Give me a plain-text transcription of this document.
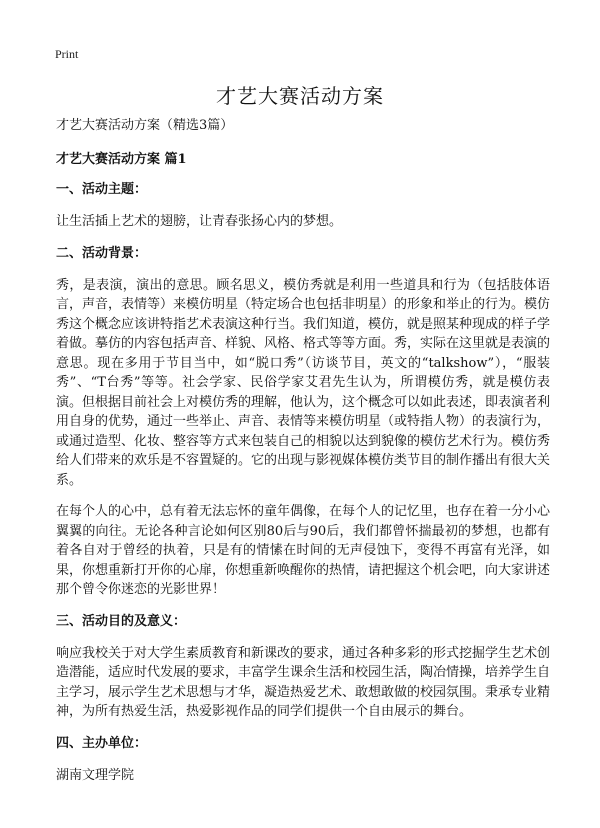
Print
才艺大赛活动方案

才艺大赛活动方案（精选3篇）

才艺大赛活动方案 篇1

一、活动主题：

让生活插上艺术的翅膀，让青春张扬心内的梦想。

二、活动背景：

秀，是表演，演出的意思。顾名思义，模仿秀就是利用一些道具和行为（包括肢体语言，声音，表情等）来模仿明星（特定场合也包括非明星）的形象和举止的行为。模仿秀这个概念应该讲特指艺术表演这种行当。我们知道，模仿，就是照某种现成的样子学着做。摹仿的内容包括声音、样貌、风格、格式等等方面。秀，实际在这里就是表演的意思。现在多用于节目当中，如“脱口秀”（访谈节目，英文的“talkshow”），“服装秀”、“T台秀”等等。社会学家、民俗学家艾君先生认为，所谓模仿秀，就是模仿表演。但根据目前社会上对模仿秀的理解，他认为，这个概念可以如此表述，即表演者利用自身的优势，通过一些举止、声音、表情等来模仿明星（或特指人物）的表演行为，或通过造型、化妆、整容等方式来包装自己的相貌以达到貌像的模仿艺术行为。模仿秀给人们带来的欢乐是不容置疑的。它的出现与影视媒体模仿类节目的制作播出有很大关系。

在每个人的心中，总有着无法忘怀的童年偶像，在每个人的记忆里，也存在着一分小心翼翼的向往。无论各种言论如何区别80后与90后，我们都曾怀揣最初的梦想，也都有着各自对于曾经的执着，只是有的情愫在时间的无声侵蚀下，变得不再富有光泽，如果，你想重新打开你的心扉，你想重新唤醒你的热情，请把握这个机会吧，向大家讲述那个曾令你迷恋的光影世界！

三、活动目的及意义：

响应我校关于对大学生素质教育和新课改的要求，通过各种多彩的形式挖掘学生艺术创造潜能，适应时代发展的要求，丰富学生课余生活和校园生活，陶冶情操，培养学生自主学习，展示学生艺术思想与才华，凝造热爱艺术、敢想敢做的校园氛围。秉承专业精神，为所有热爱生活，热爱影视作品的同学们提供一个自由展示的舞台。

四、主办单位：

湖南文理学院
